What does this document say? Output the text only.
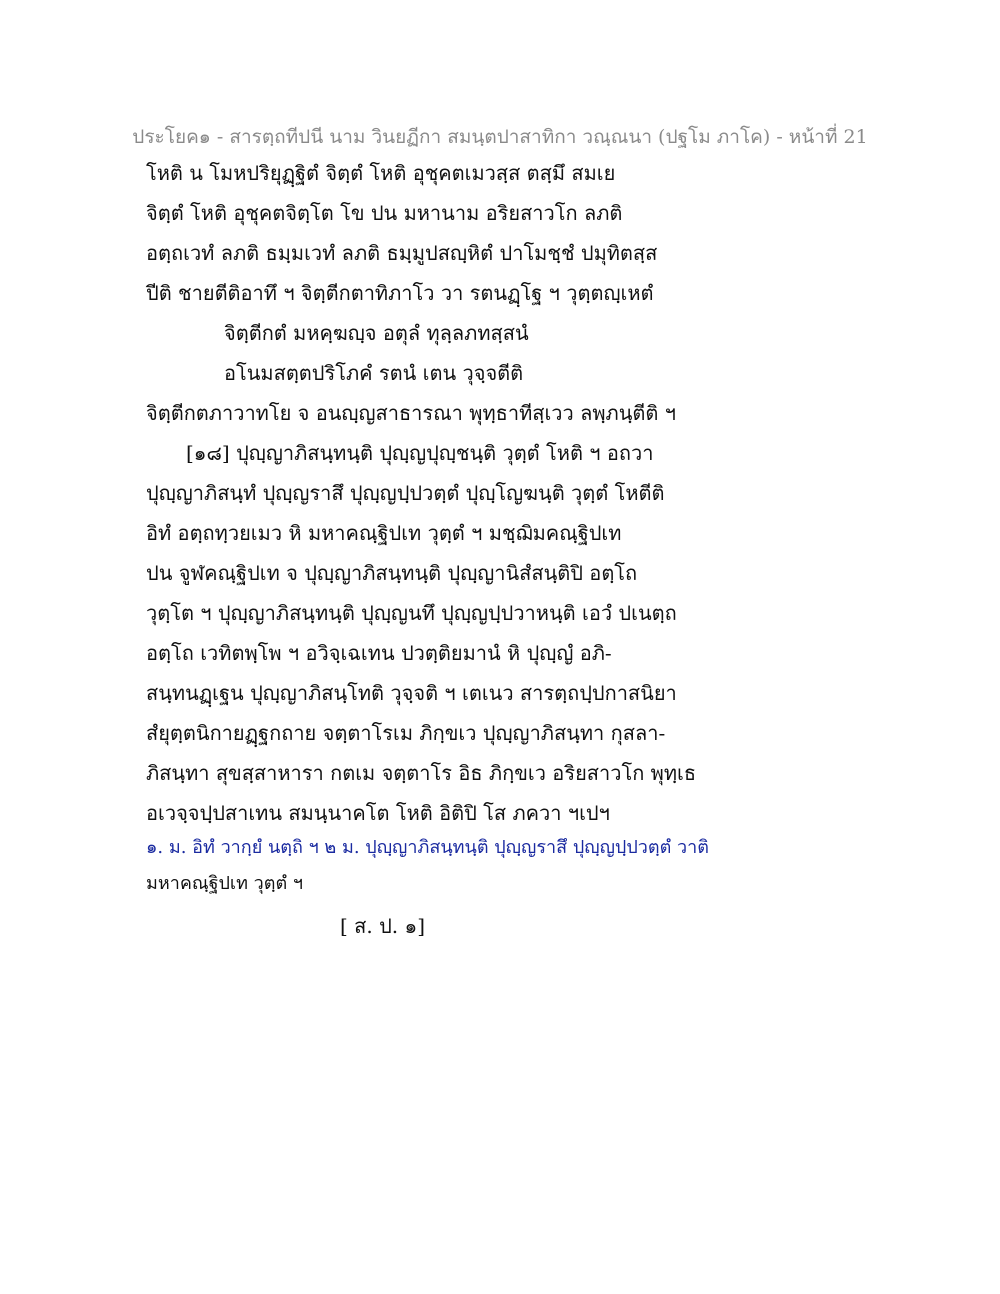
ประโยค๑ - สารตฺถทีปนี นาม วินยฏีกา สมนฺตปาสาทิกา วณฺณนา (ปฐโม ภาโค) - หน้าที่ 21
โหติ น โมหปริยุฏฺฐิตํ จิตฺตํ โหติ อุชุคตเมวสฺส ตสฺมึ สมเย
จิตฺตํ โหติ อุชุคตจิตฺโต โข ปน มหานาม อริยสาวโก ลภติ
อตฺถเวทํ ลภติ ธมฺมเวทํ ลภติ ธมฺมูปสญฺหิตํ ปาโมชฺชํ ปมุทิตสฺส
ปีติ ชายตีติอาทึ ฯ จิตฺตีกตาทิภาโว วา รตนฏฺโฐ ฯ วุตฺตญฺเหตํ
จิตฺตีกตํ มหคฺฆญฺจ อตุลํ ทุลฺลภทสฺสนํ
อโนมสตฺตปริโภคํ รตนํ เตน วุจฺจตีติ
จิตฺตีกตภาวาทโย จ อนญฺญสาธารณา พุทฺธาทีสฺเวว ลพฺภนฺตีติ ฯ
[๑๘] ปุญฺญาภิสนฺทนฺติ ปุญฺญปุญฺชนฺติ วุตฺตํ โหติ ฯ อถวา
ปุญฺญาภิสนฺทํ ปุญฺญราสึ ปุญฺญปฺปวตฺตํ ปุญฺโญฆนฺติ วุตฺตํ โหตีติ
อิทํ อตฺถทฺวยเมว หิ มหาคณฺฐิปเท วุตฺตํ ฯ มชฺฌิมคณฺฐิปเท
ปน จูฬคณฺฐิปเท จ ปุญฺญาภิสนฺทนฺติ ปุญฺญานิสํสนฺติปิ อตฺโถ
วุตฺโต ฯ ปุญฺญาภิสนฺทนฺติ ปุญฺญนทึ ปุญฺญปฺปวาหนฺติ เอวํ ปเนตฺถ
อตฺโถ เวทิตพฺโพ ฯ อวิจฺเฉเทน ปวตฺติยมานํ หิ ปุญฺญํ อภิ-
สนฺทนฏฺเฐน ปุญฺญาภิสนฺโทติ วุจฺจติ ฯ เตเนว สารตฺถปฺปกาสนิยา
สํยุตฺตนิกายฏฺฐกถาย จตฺตาโรเม ภิกฺขเว ปุญฺญาภิสนฺทา กุสลา-
ภิสนฺทา สุขสฺสาหารา กตเม จตฺตาโร อิธ ภิกฺขเว อริยสาวโก พุทฺเธ
อเวจฺจปฺปสาเทน สมนฺนาคโต โหติ อิติปิ โส ภควา ฯเปฯ
๑. ม. อิทํ วากฺยํ นตฺถิ ฯ ๒ ม. ปุญฺญาภิสนฺทนฺติ ปุญฺญราสึ ปุญฺญปฺปวตฺตํ วาติ
มหาคณฺฐิปเท วุตฺตํ ฯ
[ ส. ป. ๑]
